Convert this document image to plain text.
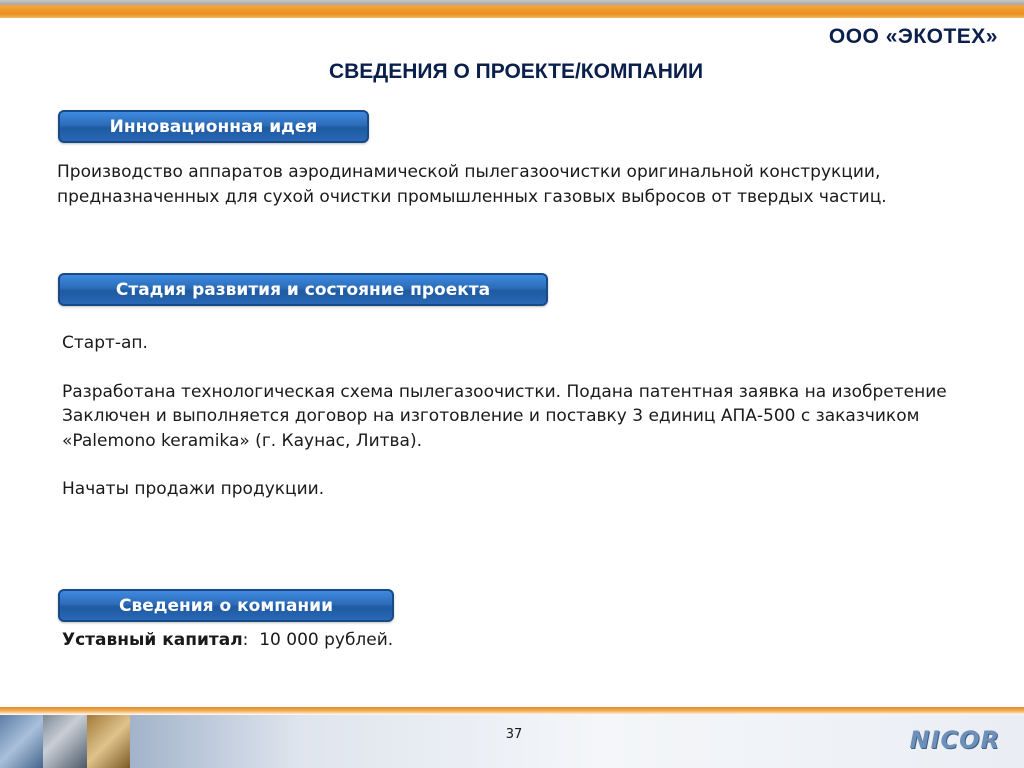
ООО «ЭКОТЕХ»
СВЕДЕНИЯ О ПРОЕКТЕ/КОМПАНИИ
Инновационная идея

Производство аппаратов аэродинамической пылегазоочистки оригинальной конструкции, предназначенных для сухой очистки промышленных газовых выбросов от твердых частиц.

Стадия развития и состояние проекта

Старт-ап.

Разработана технологическая схема пылегазоочистки. Подана патентная заявка на изобретение Заключен и выполняется договор на изготовление и поставку 3 единиц АПА-500 с заказчиком «Palemono keramika» (г. Каунас, Литва).

Начаты продажи продукции.

Сведения о компании

Уставный капитал:  10 000 рублей.

37	NICOR
